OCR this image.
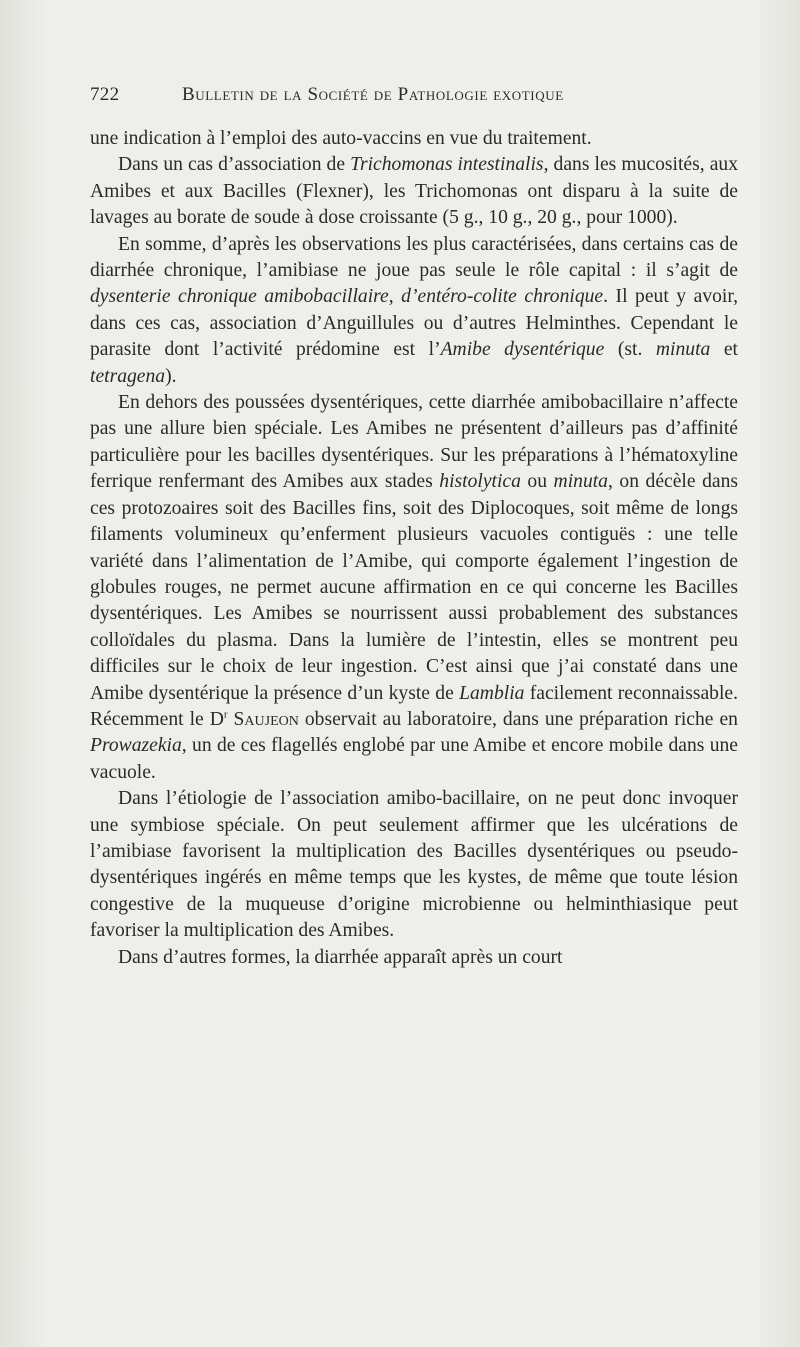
722	Bulletin de la Société de Pathologie exotique

une indication à l’emploi des auto-vaccins en vue du traitement.

Dans un cas d’association de Trichomonas intestinalis, dans les mucosités, aux Amibes et aux Bacilles (Flexner), les Trichomonas ont disparu à la suite de lavages au borate de soude à dose croissante (5 g., 10 g., 20 g., pour 1000).

En somme, d’après les observations les plus caractérisées, dans certains cas de diarrhée chronique, l’amibiase ne joue pas seule le rôle capital : il s’agit de dysenterie chronique amibobacillaire, d’entéro-colite chronique. Il peut y avoir, dans ces cas, association d’Anguillules ou d’autres Helminthes. Cependant le parasite dont l’activité prédomine est l’Amibe dysentérique (st. minuta et tetragena).

En dehors des poussées dysentériques, cette diarrhée amibobacillaire n’affecte pas une allure bien spéciale. Les Amibes ne présentent d’ailleurs pas d’affinité particulière pour les bacilles dysentériques. Sur les préparations à l’hématoxyline ferrique renfermant des Amibes aux stades histolytica ou minuta, on décèle dans ces protozoaires soit des Bacilles fins, soit des Diplocoques, soit même de longs filaments volumineux qu’enferment plusieurs vacuoles contiguës : une telle variété dans l’alimentation de l’Amibe, qui comporte également l’ingestion de globules rouges, ne permet aucune affirmation en ce qui concerne les Bacilles dysentériques. Les Amibes se nourrissent aussi probablement des substances colloïdales du plasma. Dans la lumière de l’intestin, elles se montrent peu difficiles sur le choix de leur ingestion. C’est ainsi que j’ai constaté dans une Amibe dysentérique la présence d’un kyste de Lamblia facilement reconnaissable. Récemment le $D^r$ Saujeon observait au laboratoire, dans une préparation riche en Prowazekia, un de ces flagellés englobé par une Amibe et encore mobile dans une vacuole.

Dans l’étiologie de l’association amibo-bacillaire, on ne peut donc invoquer une symbiose spéciale. On peut seulement affirmer que les ulcérations de l’amibiase favorisent la multiplication des Bacilles dysentériques ou pseudo-dysentériques ingérés en même temps que les kystes, de même que toute lésion congestive de la muqueuse d’origine microbienne ou helminthiasique peut favoriser la multiplication des Amibes.

Dans d’autres formes, la diarrhée apparaît après un court
